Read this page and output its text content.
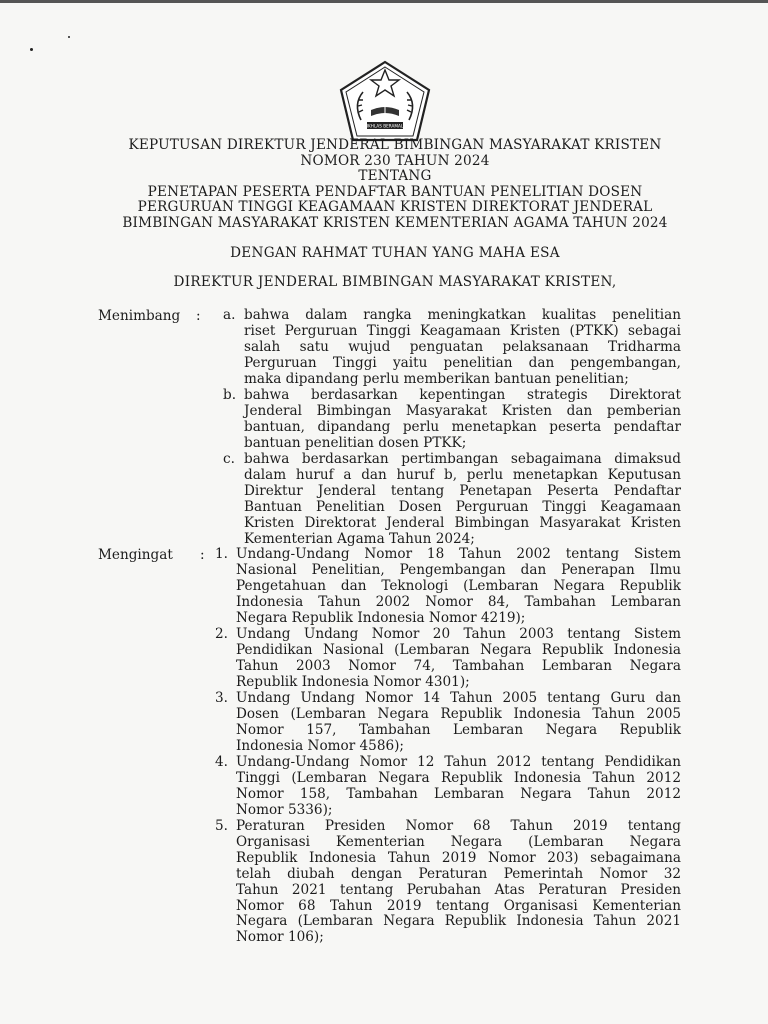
IKHLAS BERAMAL
KEPUTUSAN DIREKTUR JENDERAL BIMBINGAN MASYARAKAT KRISTEN
NOMOR 230 TAHUN 2024
TENTANG
PENETAPAN PESERTA PENDAFTAR BANTUAN PENELITIAN DOSEN
PERGURUAN TINGGI KEAGAMAAN KRISTEN DIREKTORAT JENDERAL
BIMBINGAN MASYARAKAT KRISTEN KEMENTERIAN AGAMA TAHUN 2024
DENGAN RAHMAT TUHAN YANG MAHA ESA
DIREKTUR JENDERAL BIMBINGAN MASYARAKAT KRISTEN,
Menimbang : a. bahwa dalam rangka meningkatkan kualitas penelitian
riset Perguruan Tinggi Keagamaan Kristen (PTKK) sebagai
salah satu wujud penguatan pelaksanaan Tridharma
Perguruan Tinggi yaitu penelitian dan pengembangan,
maka dipandang perlu memberikan bantuan penelitian;
b. bahwa berdasarkan kepentingan strategis Direktorat
Jenderal Bimbingan Masyarakat Kristen dan pemberian
bantuan, dipandang perlu menetapkan peserta pendaftar
bantuan penelitian dosen PTKK;
c. bahwa berdasarkan pertimbangan sebagaimana dimaksud
dalam huruf a dan huruf b, perlu menetapkan Keputusan
Direktur Jenderal tentang Penetapan Peserta Pendaftar
Bantuan Penelitian Dosen Perguruan Tinggi Keagamaan
Kristen Direktorat Jenderal Bimbingan Masyarakat Kristen
Kementerian Agama Tahun 2024;
Mengingat : 1. Undang-Undang Nomor 18 Tahun 2002 tentang Sistem
Nasional Penelitian, Pengembangan dan Penerapan Ilmu
Pengetahuan dan Teknologi (Lembaran Negara Republik
Indonesia Tahun 2002 Nomor 84, Tambahan Lembaran
Negara Republik Indonesia Nomor 4219);
2. Undang Undang Nomor 20 Tahun 2003 tentang Sistem
Pendidikan Nasional (Lembaran Negara Republik Indonesia
Tahun 2003 Nomor 74, Tambahan Lembaran Negara
Republik Indonesia Nomor 4301);
3. Undang Undang Nomor 14 Tahun 2005 tentang Guru dan
Dosen (Lembaran Negara Republik Indonesia Tahun 2005
Nomor 157, Tambahan Lembaran Negara Republik
Indonesia Nomor 4586);
4. Undang-Undang Nomor 12 Tahun 2012 tentang Pendidikan
Tinggi (Lembaran Negara Republik Indonesia Tahun 2012
Nomor 158, Tambahan Lembaran Negara Tahun 2012
Nomor 5336);
5. Peraturan Presiden Nomor 68 Tahun 2019 tentang
Organisasi Kementerian Negara (Lembaran Negara
Republik Indonesia Tahun 2019 Nomor 203) sebagaimana
telah diubah dengan Peraturan Pemerintah Nomor 32
Tahun 2021 tentang Perubahan Atas Peraturan Presiden
Nomor 68 Tahun 2019 tentang Organisasi Kementerian
Negara (Lembaran Negara Republik Indonesia Tahun 2021
Nomor 106);
